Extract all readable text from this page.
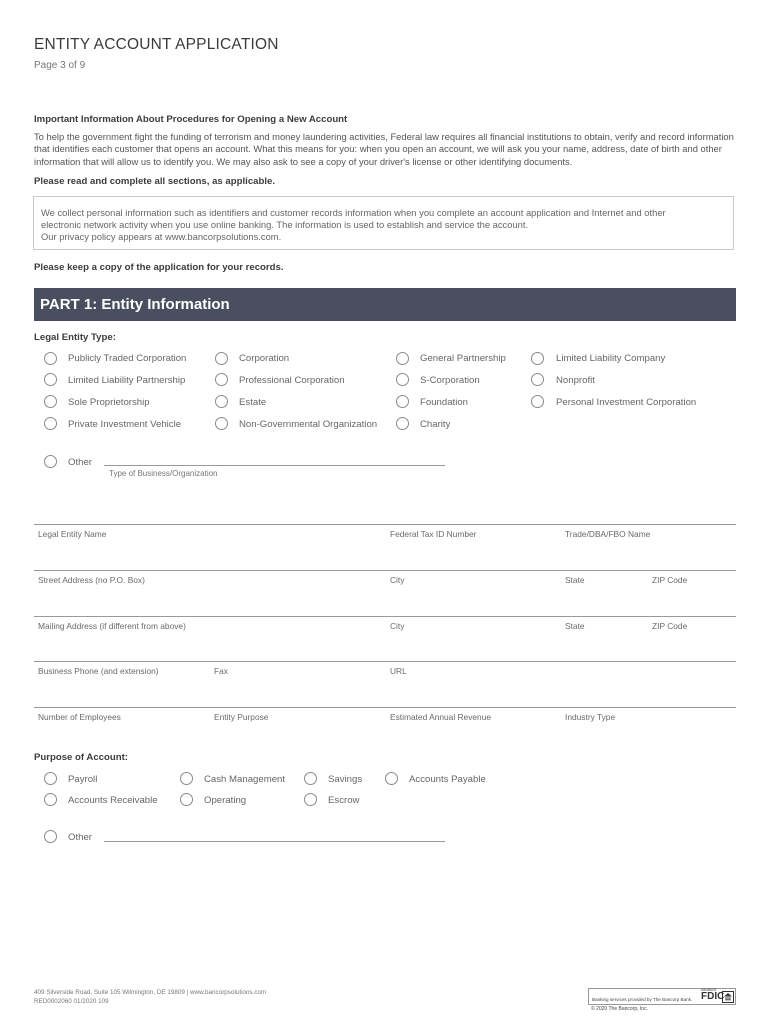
ENTITY ACCOUNT APPLICATION
Page 3 of 9
Important Information About Procedures for Opening a New Account
To help the government fight the funding of terrorism and money laundering activities, Federal law requires all financial institutions to obtain, verify and record information that identifies each customer that opens an account. What this means for you: when you open an account, we will ask you your name, address, date of birth and other information that will allow us to identify you. We may also ask to see a copy of your driver's license or other identifying documents.
Please read and complete all sections, as applicable.
We collect personal information such as identifiers and customer records information when you complete an account application and Internet and other
electronic network activity when you use online banking. The information is used to establish and service the account.
Our privacy policy appears at www.bancorpsolutions.com.
Please keep a copy of the application for your records.
PART 1: Entity Information
Legal Entity Type:
Publicly Traded Corporation	Corporation	General Partnership	Limited Liability Company
Limited Liability Partnership	Professional Corporation	S-Corporation	Nonprofit
Sole Proprietorship	Estate	Foundation	Personal Investment Corporation
Private Investment Vehicle	Non-Governmental Organization	Charity
Other
Type of Business/Organization
Legal Entity Name	Federal Tax ID Number	Trade/DBA/FBO Name
Street Address (no P.O. Box)	City	State	ZIP Code
Mailing Address (if different from above)	City	State	ZIP Code
Business Phone (and extension)	Fax	URL
Number of Employees	Entity Purpose	Estimated Annual Revenue	Industry Type
Purpose of Account:
Payroll	Cash Management	Savings	Accounts Payable
Accounts Receivable	Operating	Escrow
Other
409 Silverside Road, Suite 105 Wilmington, DE 19809 | www.bancorpsolutions.com
RED0002060 01/2020 109	Banking services provided by The Bancorp Bank.
MEMBER
FDIC
© 2020 The Bancorp, Inc.
